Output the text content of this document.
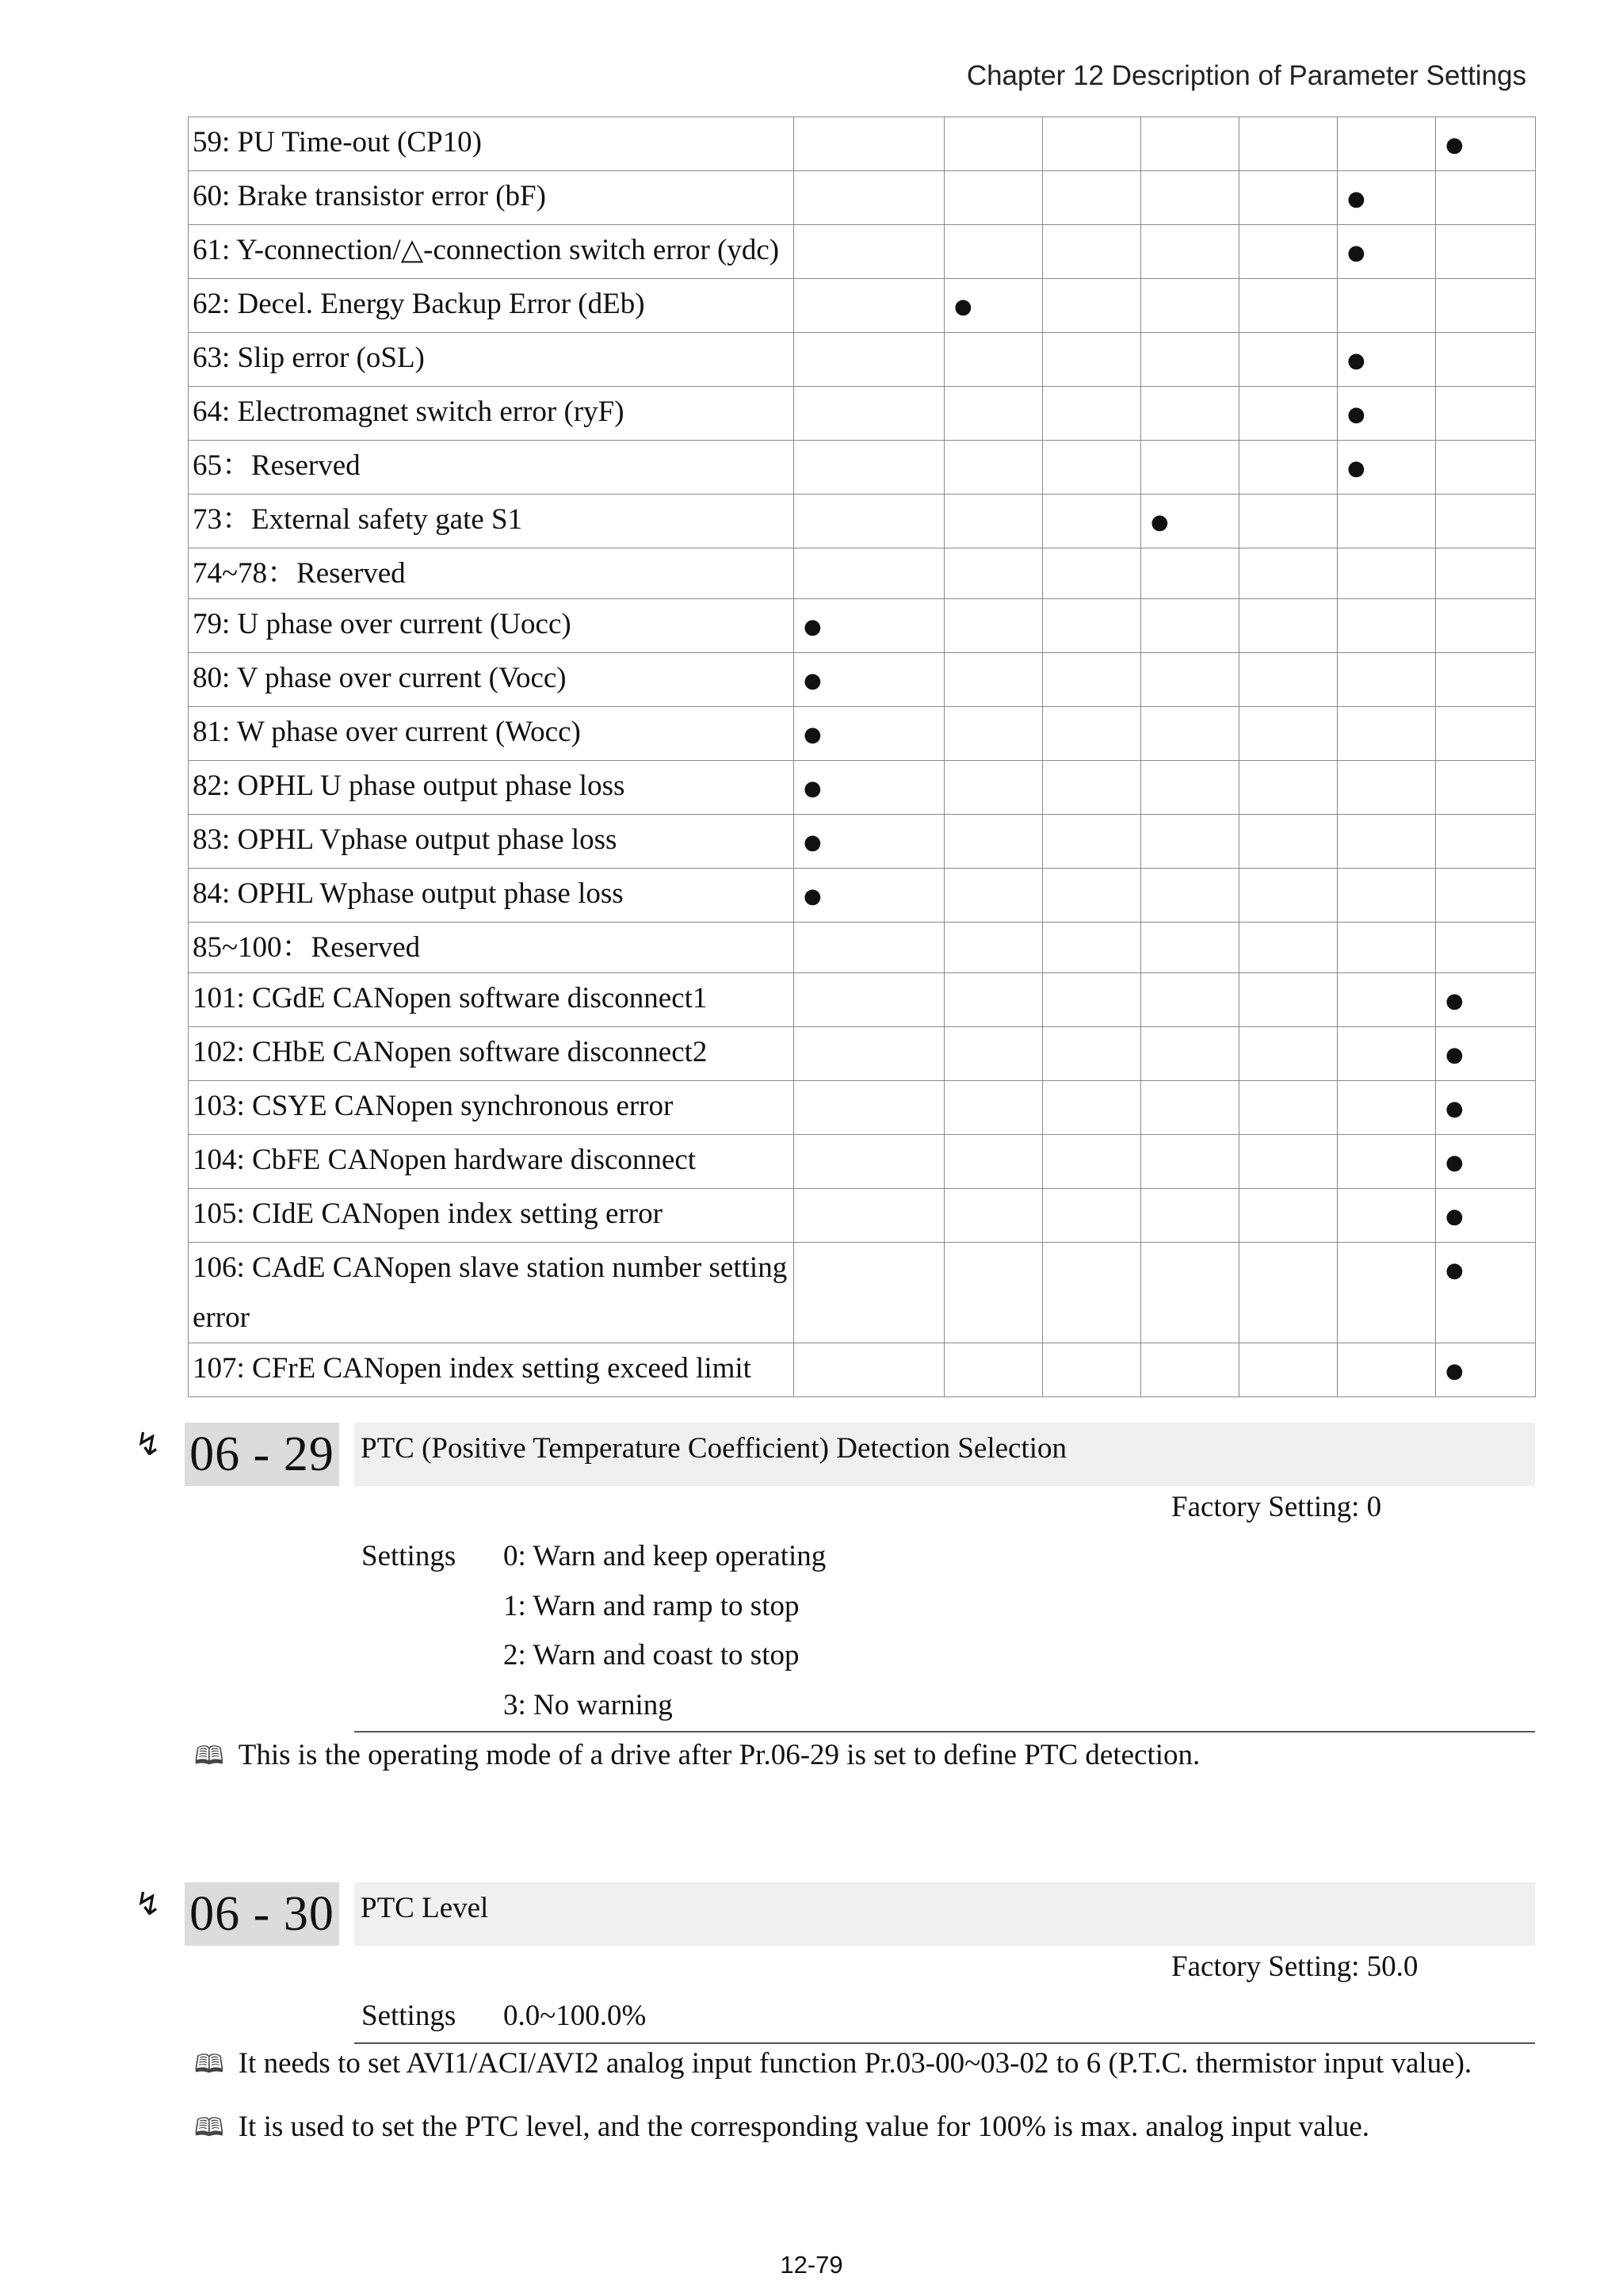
Chapter 12 Description of Parameter Settings
59: PU Time-out (CP10)							●
60: Brake transistor error (bF)						●	
61: Y-connection/△-connection switch error (ydc)						●	
62: Decel. Energy Backup Error (dEb)		●					
63: Slip error (oSL)						●	
64: Electromagnet switch error (ryF)						●	
65：Reserved						●	
73：External safety gate S1				●			
74~78：Reserved							
79: U phase over current (Uocc)	●						
80: V phase over current (Vocc)	●						
81: W phase over current (Wocc)	●						
82: OPHL U phase output phase loss	●						
83: OPHL Vphase output phase loss	●						
84: OPHL Wphase output phase loss	●						
85~100：Reserved							
101: CGdE CANopen software disconnect1							●
102: CHbE CANopen software disconnect2							●
103: CSYE CANopen synchronous error							●
104: CbFE CANopen hardware disconnect							●
105: CIdE CANopen index setting error							●
106: CAdE CANopen slave station number setting error							●
107: CFrE CANopen index setting exceed limit							●
↯ 06 - 29 PTC (Positive Temperature Coefficient) Detection Selection
Factory Setting: 0
Settings 0: Warn and keep operating
1: Warn and ramp to stop
2: Warn and coast to stop
3: No warning
🕮 This is the operating mode of a drive after Pr.06-29 is set to define PTC detection.
↯ 06 - 30 PTC Level
Factory Setting: 50.0
Settings 0.0~100.0%
🕮 It needs to set AVI1/ACI/AVI2 analog input function Pr.03-00~03-02 to 6 (P.T.C. thermistor input value).
🕮 It is used to set the PTC level, and the corresponding value for 100% is max. analog input value.
12-79
